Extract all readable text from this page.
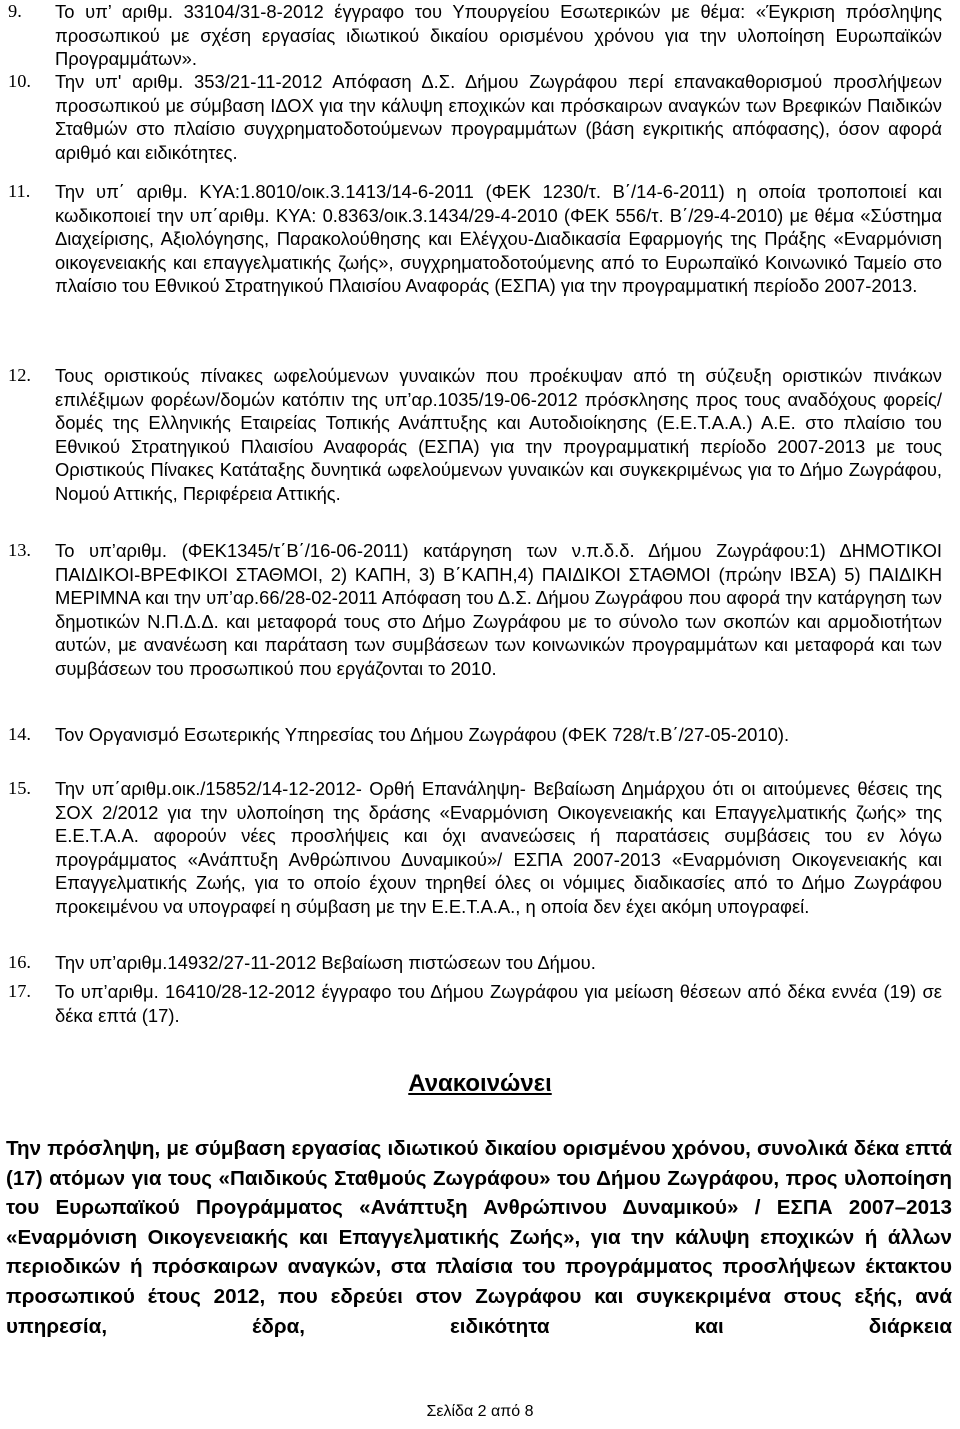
9. Το υπ’ αριθμ. 33104/31-8-2012 έγγραφο του Υπουργείου Εσωτερικών με θέμα: «Έγκριση πρόσληψης προσωπικού με σχέση εργασίας ιδιωτικού δικαίου ορισμένου χρόνου για την υλοποίηση Ευρωπαϊκών Προγραμμάτων».
10. Την υπ' αριθμ. 353/21-11-2012 Απόφαση Δ.Σ. Δήμου Ζωγράφου περί επανακαθορισμού προσλήψεων προσωπικού με σύμβαση ΙΔΟΧ για την κάλυψη εποχικών και πρόσκαιρων αναγκών των Βρεφικών Παιδικών Σταθμών στο πλαίσιο συγχρηματοδοτούμενων προγραμμάτων (βάση εγκριτικής απόφασης), όσον αφορά αριθμό και ειδικότητες.
11. Την υπ΄ αριθμ. ΚΥΑ:1.8010/οικ.3.1413/14-6-2011 (ΦΕΚ 1230/τ. Β΄/14-6-2011) η οποία τροποποιεί και κωδικοποιεί την υπ΄αριθμ. ΚΥΑ: 0.8363/οικ.3.1434/29-4-2010 (ΦΕΚ 556/τ. Β΄/29-4-2010) με θέμα «Σύστημα Διαχείρισης, Αξιολόγησης, Παρακολούθησης και Ελέγχου-Διαδικασία Εφαρμογής της Πράξης «Εναρμόνιση οικογενειακής και επαγγελματικής ζωής», συγχρηματοδοτούμενης από το Ευρωπαϊκό Κοινωνικό Ταμείο στο πλαίσιο του Εθνικού Στρατηγικού Πλαισίου Αναφοράς (ΕΣΠΑ) για την προγραμματική περίοδο 2007-2013.
12. Τους οριστικούς πίνακες ωφελούμενων γυναικών που προέκυψαν από τη σύζευξη οριστικών πινάκων επιλέξιμων φορέων/δομών κατόπιν της υπ’αρ.1035/19-06-2012 πρόσκλησης προς τους αναδόχους φορείς/δομές της Ελληνικής Εταιρείας Τοπικής Ανάπτυξης και Αυτοδιοίκησης (Ε.Ε.Τ.Α.Α.) Α.Ε. στο πλαίσιο του Εθνικού Στρατηγικού Πλαισίου Αναφοράς (ΕΣΠΑ) για την προγραμματική περίοδο 2007-2013 με τους Οριστικούς Πίνακες Κατάταξης δυνητικά ωφελούμενων γυναικών και συγκεκριμένως για το Δήμο Ζωγράφου, Νομού Αττικής, Περιφέρεια Αττικής.
13. Το υπ’αριθμ. (ΦΕΚ1345/τ΄Β΄/16-06-2011) κατάργηση των ν.π.δ.δ. Δήμου Ζωγράφου:1) ΔΗΜΟΤΙΚΟΙ ΠΑΙΔΙΚΟΙ-ΒΡΕΦΙΚΟΙ ΣΤΑΘΜΟΙ, 2) ΚΑΠΗ, 3) Β΄ΚΑΠΗ,4) ΠΑΙΔΙΚΟΙ ΣΤΑΘΜΟΙ (πρώην ΙΒΣΑ) 5) ΠΑΙΔΙΚΗ ΜΕΡΙΜΝΑ και την υπ’αρ.66/28-02-2011 Απόφαση του Δ.Σ. Δήμου Ζωγράφου που αφορά την κατάργηση των δημοτικών Ν.Π.Δ.Δ. και μεταφορά τους στο Δήμο Ζωγράφου με το σύνολο των σκοπών και αρμοδιοτήτων αυτών, με ανανέωση και παράταση των συμβάσεων των κοινωνικών προγραμμάτων και μεταφορά και των συμβάσεων του προσωπικού που εργάζονται το 2010.
14. Τον Οργανισμό Εσωτερικής Υπηρεσίας του Δήμου Ζωγράφου (ΦΕΚ 728/τ.Β΄/27-05-2010).
15. Την υπ΄αριθμ.οικ./15852/14-12-2012- Ορθή Επανάληψη- Βεβαίωση Δημάρχου ότι οι αιτούμενες θέσεις της ΣΟΧ 2/2012 για την υλοποίηση της δράσης «Εναρμόνιση Οικογενειακής και Επαγγελματικής ζωής» της Ε.Ε.Τ.Α.Α. αφορούν νέες προσλήψεις και όχι ανανεώσεις ή παρατάσεις συμβάσεις του εν λόγω προγράμματος «Ανάπτυξη Ανθρώπινου Δυναμικού»/ ΕΣΠΑ 2007-2013 «Εναρμόνιση Οικογενειακής και Επαγγελματικής Ζωής, για το οποίο έχουν τηρηθεί όλες οι νόμιμες διαδικασίες από το Δήμο Ζωγράφου προκειμένου να υπογραφεί η σύμβαση με την Ε.Ε.Τ.Α.Α., η οποία δεν έχει ακόμη υπογραφεί.
16. Την υπ’αριθμ.14932/27-11-2012 Βεβαίωση πιστώσεων του Δήμου.
17. Το υπ’αριθμ. 16410/28-12-2012 έγγραφο του Δήμου Ζωγράφου για μείωση θέσεων από δέκα εννέα (19) σε δέκα επτά (17).
Ανακοινώνει
Την πρόσληψη, με σύμβαση εργασίας ιδιωτικού δικαίου ορισμένου χρόνου, συνολικά δέκα επτά (17) ατόμων για τους «Παιδικούς Σταθμούς Ζωγράφου» του Δήμου Ζωγράφου, προς υλοποίηση του Ευρωπαϊκού Προγράμματος «Ανάπτυξη Ανθρώπινου Δυναμικού» / ΕΣΠΑ 2007–2013 «Εναρμόνιση Οικογενειακής και Επαγγελματικής Ζωής», για την κάλυψη εποχικών ή άλλων περιοδικών ή πρόσκαιρων αναγκών, στα πλαίσια του προγράμματος προσλήψεων έκτακτου προσωπικού έτους 2012, που εδρεύει στον Ζωγράφου και συγκεκριμένα στους εξής, ανά υπηρεσία, έδρα, ειδικότητα και διάρκεια
Σελίδα 2 από 8
